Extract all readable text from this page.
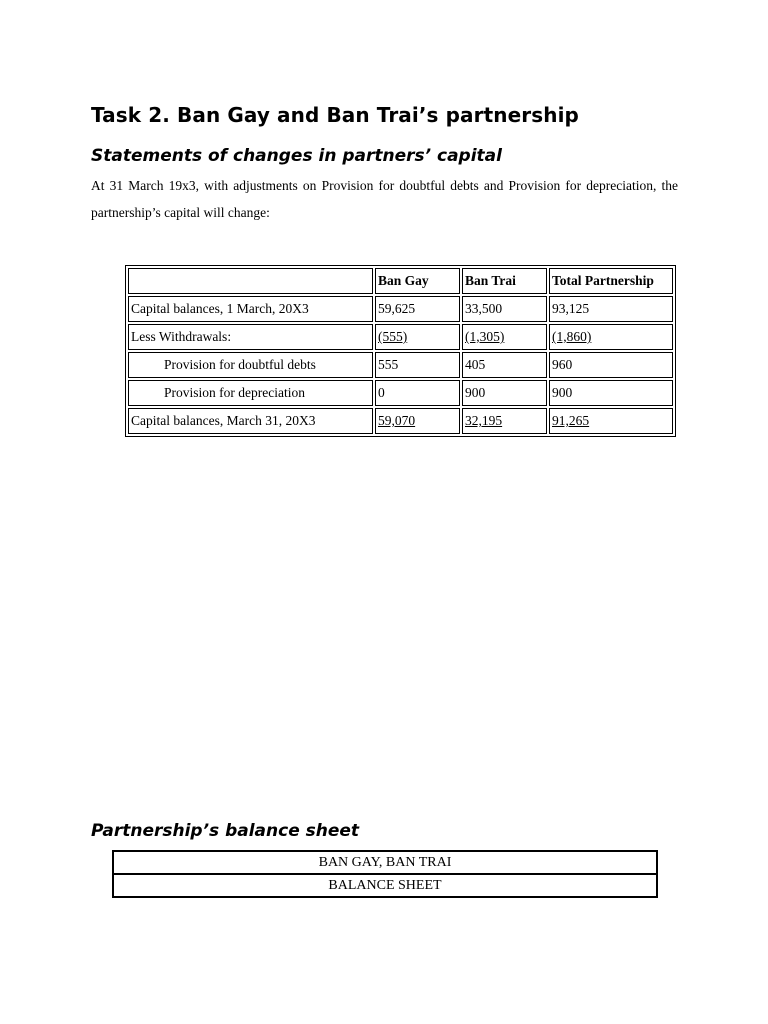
Task 2. Ban Gay and Ban Trai’s partnership
Statements of changes in partners’ capital

At 31 March 19x3, with adjustments on Provision for doubtful debts and Provision for depreciation, the partnership’s capital will change:

	Ban Gay	Ban Trai	Total Partnership
Capital balances, 1 March, 20X3	59,625	33,500	93,125
Less Withdrawals:	(555)	(1,305)	(1,860)
Provision for doubtful debts	555	405	960
Provision for depreciation	0	900	900
Capital balances, March 31, 20X3	59,070	32,195	91,265
Partnership’s balance sheet
BAN GAY, BAN TRAI
BALANCE SHEET
